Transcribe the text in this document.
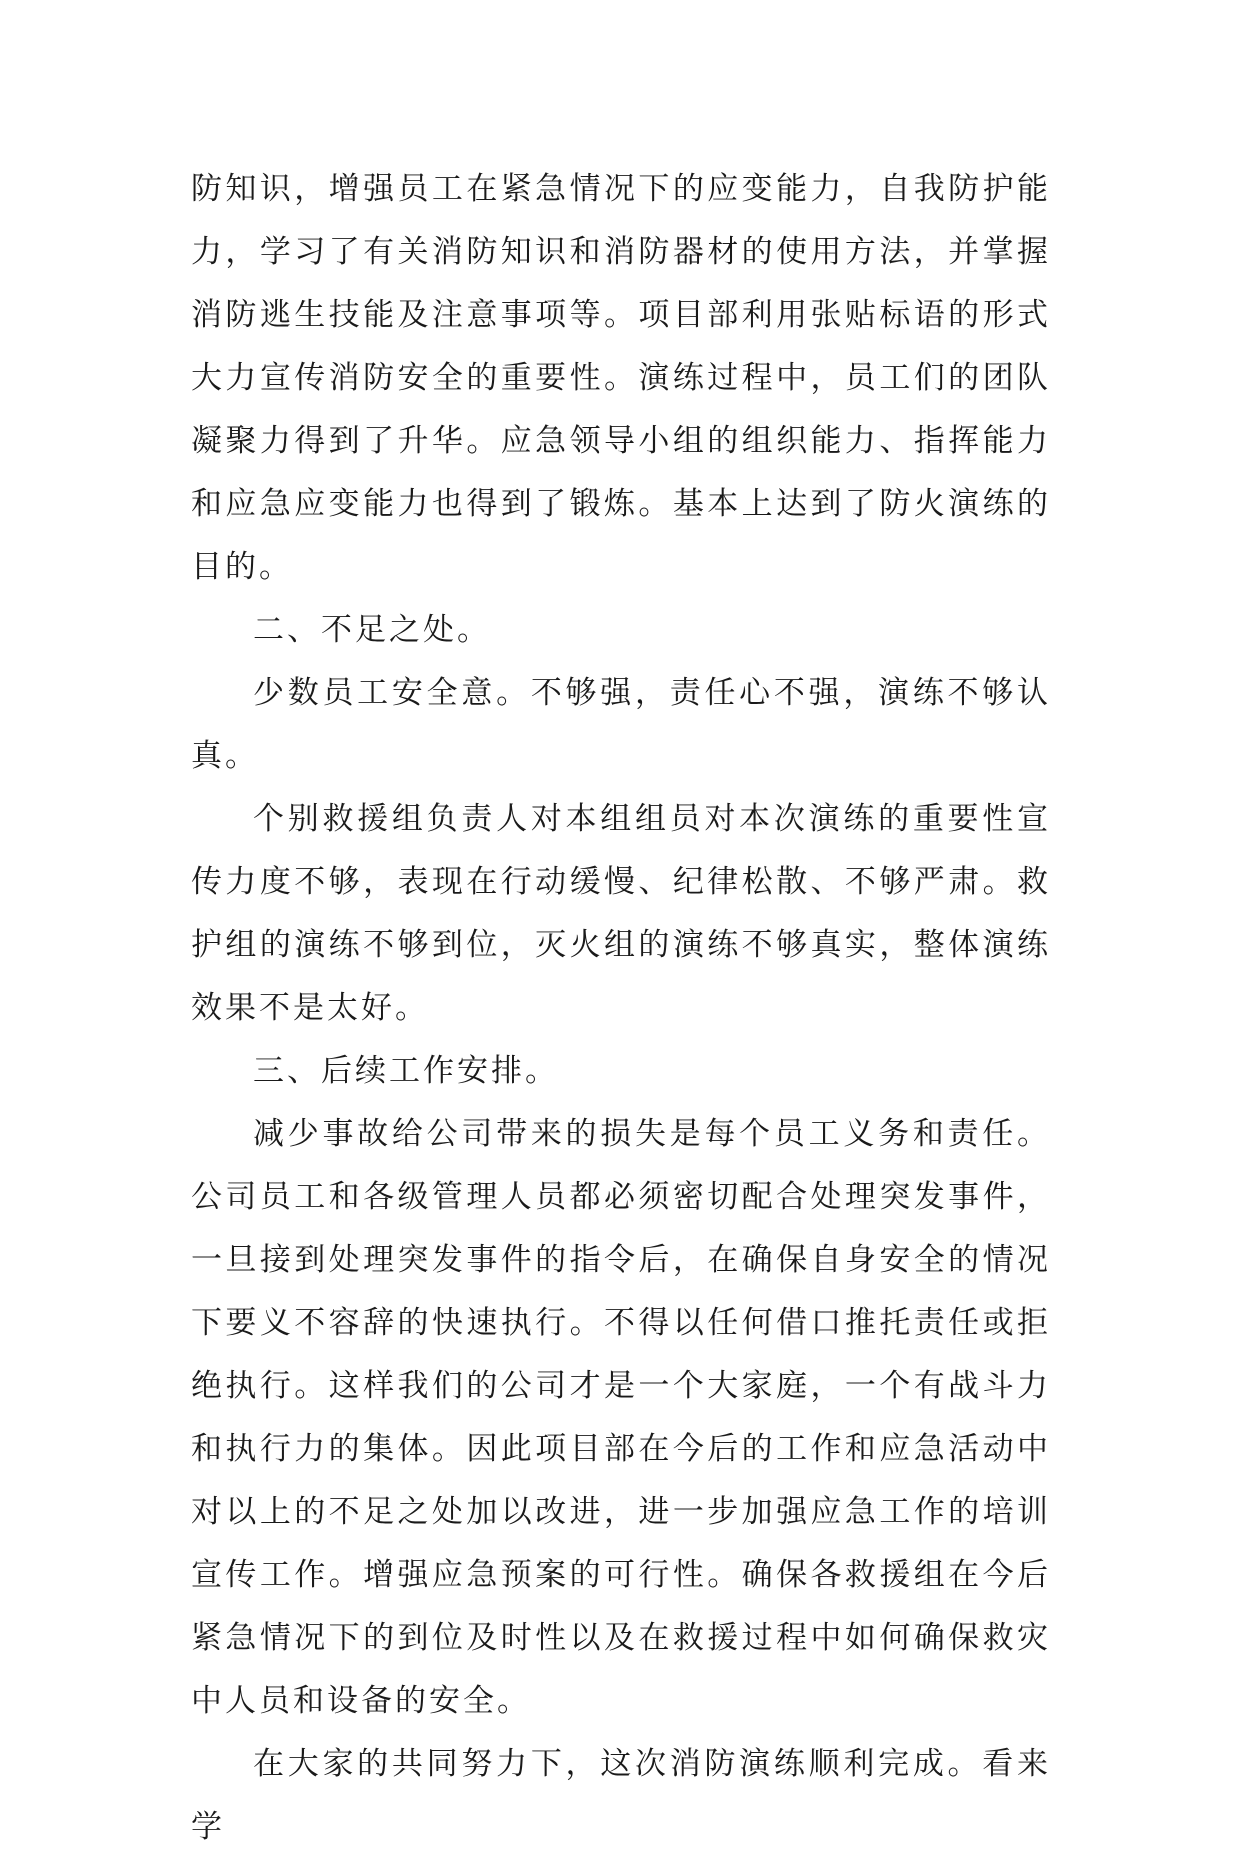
防知识，增强员工在紧急情况下的应变能力，自我防护能力，学习了有关消防知识和消防器材的使用方法，并掌握消防逃生技能及注意事项等。项目部利用张贴标语的形式大力宣传消防安全的重要性。演练过程中，员工们的团队凝聚力得到了升华。应急领导小组的组织能力、指挥能力和应急应变能力也得到了锻炼。基本上达到了防火演练的目的。

二、不足之处。

少数员工安全意。不够强，责任心不强，演练不够认真。

个别救援组负责人对本组组员对本次演练的重要性宣传力度不够，表现在行动缓慢、纪律松散、不够严肃。救护组的演练不够到位，灭火组的演练不够真实，整体演练效果不是太好。

三、后续工作安排。

减少事故给公司带来的损失是每个员工义务和责任。公司员工和各级管理人员都必须密切配合处理突发事件，一旦接到处理突发事件的指令后，在确保自身安全的情况下要义不容辞的快速执行。不得以任何借口推托责任或拒绝执行。这样我们的公司才是一个大家庭，一个有战斗力和执行力的集体。因此项目部在今后的工作和应急活动中对以上的不足之处加以改进，进一步加强应急工作的培训宣传工作。增强应急预案的可行性。确保各救援组在今后紧急情况下的到位及时性以及在救援过程中如何确保救灾中人员和设备的安全。

在大家的共同努力下，这次消防演练顺利完成。看来学
